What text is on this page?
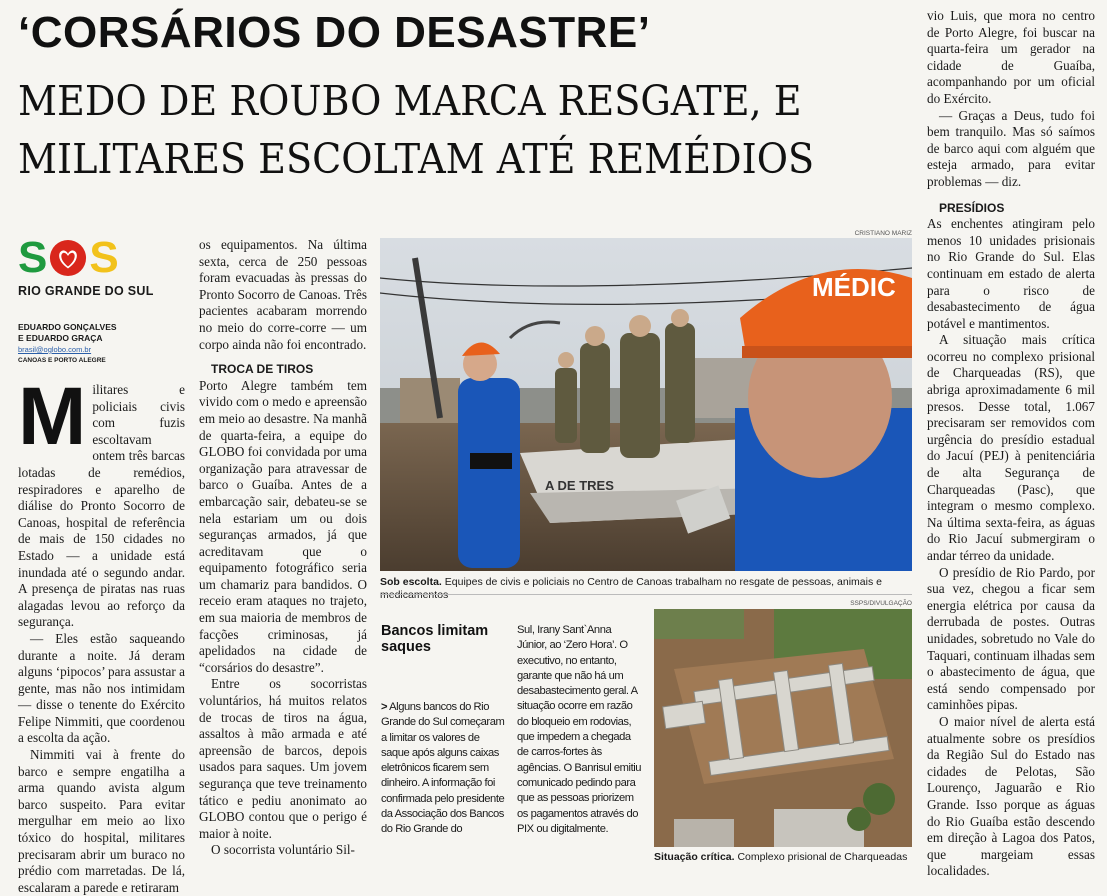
‘CORSÁRIOS DO DESASTRE’
MEDO DE ROUBO MARCA RESGATE, E
MILITARES ESCOLTAM ATÉ REMÉDIOS
S S
RIO GRANDE DO SUL
EDUARDO GONÇALVES
E EDUARDO GRAÇA
brasil@oglobo.com.br
CANOAS E PORTO ALEGRE

Militares e policiais civis com fuzis escoltavam ontem três barcas lotadas de remédios, respiradores e aparelho de diálise do Pronto Socorro de Canoas, hospital de referência de mais de 150 cidades no Estado — a unidade está inundada até o segundo andar. A presença de piratas nas ruas alagadas levou ao reforço da segurança.

— Eles estão saqueando durante a noite. Já deram alguns ‘pipocos’ para assustar a gente, mas não nos intimidam — disse o tenente do Exército Felipe Nimmiti, que coordenou a escolta da ação.

Nimmiti vai à frente do barco e sempre engatilha a arma quando avista algum barco suspeito. Para evitar mergulhar em meio ao lixo tóxico do hospital, militares precisaram abrir um buraco no prédio com marretadas. De lá, escalaram a parede e retiraram

os equipamentos. Na última sexta, cerca de 250 pessoas foram evacuadas às pressas do Pronto Socorro de Canoas. Três pacientes acabaram morrendo no meio do corre-corre — um corpo ainda não foi encontrado.

TROCA DE TIROS

Porto Alegre também tem vivido com o medo e apreensão em meio ao desastre. Na manhã de quarta-feira, a equipe do GLOBO foi convidada por uma organização para atravessar de barco o Guaíba. Antes de a embarcação sair, debateu-se se nela estariam um ou dois seguranças armados, já que acreditavam que o equipamento fotográfico seria um chamariz para bandidos. O receio eram ataques no trajeto, em sua maioria de membros de facções criminosas, já apelidados na cidade de “corsários do desastre”.

Entre os socorristas voluntários, há muitos relatos de trocas de tiros na água, assaltos à mão armada e até apreensão de barcos, depois usados para saques. Um jovem segurança que teve treinamento tático e pediu anonimato ao GLOBO contou que o perigo é maior à noite.

O socorrista voluntário Sil-

CRISTIANO MARIZ
A DE TRES
MÉDIC
Sob escolta. Equipes de civis e policiais no Centro de Canoas trabalham no resgate de pessoas, animais e medicamentos
Bancos limitam saques
> Alguns bancos do Rio Grande do Sul começaram a limitar os valores de saque após alguns caixas eletrônicos ficarem sem dinheiro. A informação foi confirmada pelo presidente da Associação dos Bancos do Rio Grande do
Sul, Irany Sant`Anna Júnior, ao ‘Zero Hora’. O executivo, no entanto, garante que não há um desabastecimento geral. A situação ocorre em razão do bloqueio em rodovias, que impedem a chegada de carros-fortes às agências. O Banrisul emitiu comunicado pedindo para que as pessoas priorizem os pagamentos através do PIX ou digitalmente.
SSPS/DIVULGAÇÃO
Situação crítica. Complexo prisional de Charqueadas

vio Luis, que mora no centro de Porto Alegre, foi buscar na quarta-feira um gerador na cidade de Guaíba, acompanhando por um oficial do Exército.

— Graças a Deus, tudo foi bem tranquilo. Mas só saímos de barco aqui com alguém que esteja armado, para evitar problemas — diz.

PRESÍDIOS

As enchentes atingiram pelo menos 10 unidades prisionais no Rio Grande do Sul. Elas continuam em estado de alerta para o risco de desabastecimento de água potável e mantimentos.

A situação mais crítica ocorreu no complexo prisional de Charqueadas (RS), que abriga aproximadamente 6 mil presos. Desse total, 1.067 precisaram ser removidos com urgência do presídio estadual do Jacuí (PEJ) à penitenciária de alta Segurança de Charqueadas (Pasc), que integram o mesmo complexo. Na última sexta-feira, as águas do Rio Jacuí submergiram o andar térreo da unidade.

O presídio de Rio Pardo, por sua vez, chegou a ficar sem energia elétrica por causa da derrubada de postes. Outras unidades, sobretudo no Vale do Taquari, continuam ilhadas sem o abastecimento de água, que está sendo compensado por caminhões pipas.

O maior nível de alerta está atualmente sobre os presídios da Região Sul do Estado nas cidades de Pelotas, São Lourenço, Jaguarão e Rio Grande. Isso porque as águas do Rio Guaíba estão descendo em direção à Lagoa dos Patos, que margeiam essas localidades.
